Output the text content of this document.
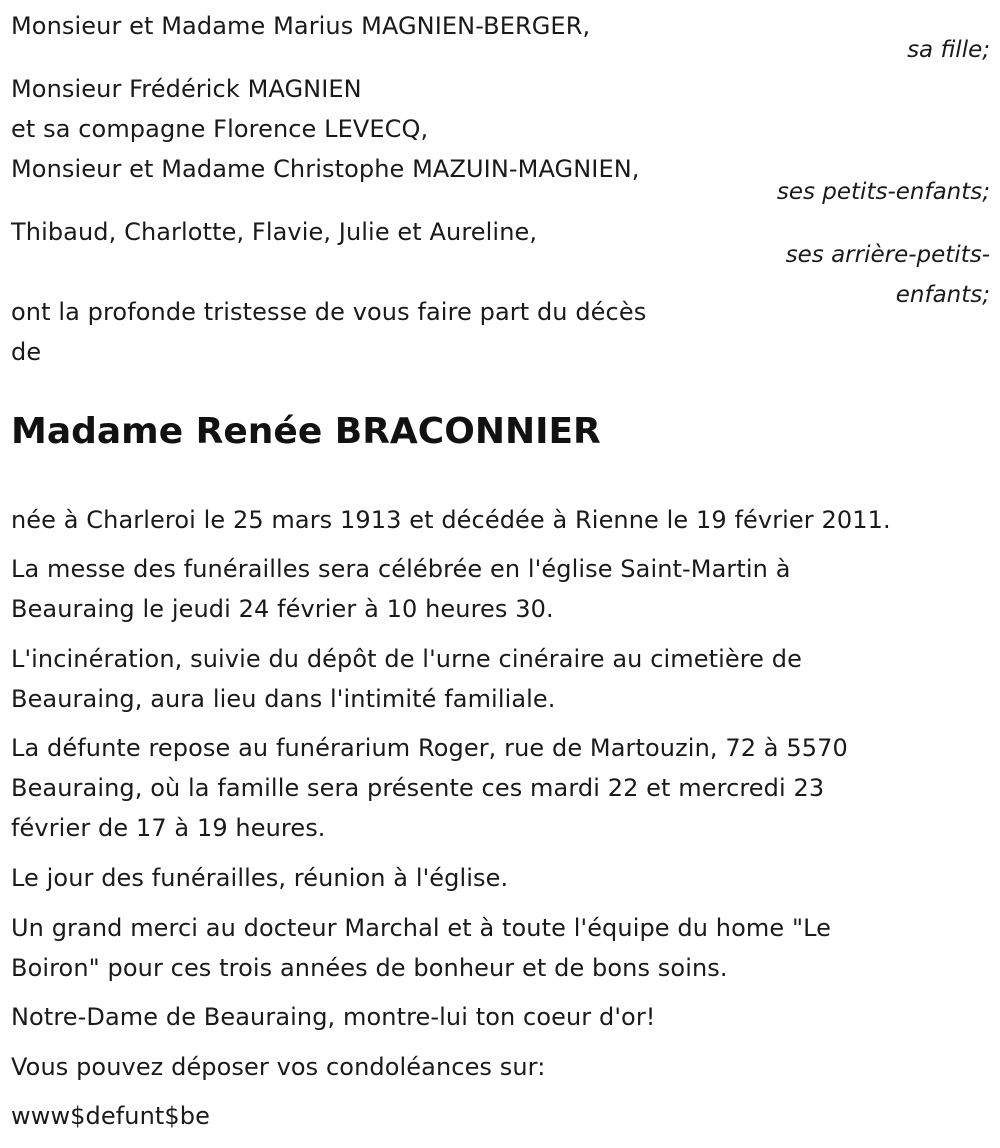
Monsieur et Madame Marius MAGNIEN-BERGER,
sa fille;
Monsieur Frédérick MAGNIEN
et sa compagne Florence LEVECQ,
Monsieur et Madame Christophe MAZUIN-MAGNIEN,
ses petits-enfants;
Thibaud, Charlotte, Flavie, Julie et Aureline,
ses arrière-petits-
enfants;
ont la profonde tristesse de vous faire part du décès
de
Madame Renée BRACONNIER
née à Charleroi le 25 mars 1913 et décédée à Rienne le 19 février 2011.
La messe des funérailles sera célébrée en l'église Saint-Martin à
Beauraing le jeudi 24 février à 10 heures 30.
L'incinération, suivie du dépôt de l'urne cinéraire au cimetière de
Beauraing, aura lieu dans l'intimité familiale.
La défunte repose au funérarium Roger, rue de Martouzin, 72 à 5570
Beauraing, où la famille sera présente ces mardi 22 et mercredi 23
février de 17 à 19 heures.
Le jour des funérailles, réunion à l'église.
Un grand merci au docteur Marchal et à toute l'équipe du home "Le
Boiron" pour ces trois années de bonheur et de bons soins.
Notre-Dame de Beauraing, montre-lui ton coeur d'or!
Vous pouvez déposer vos condoléances sur:
www$defunt$be
